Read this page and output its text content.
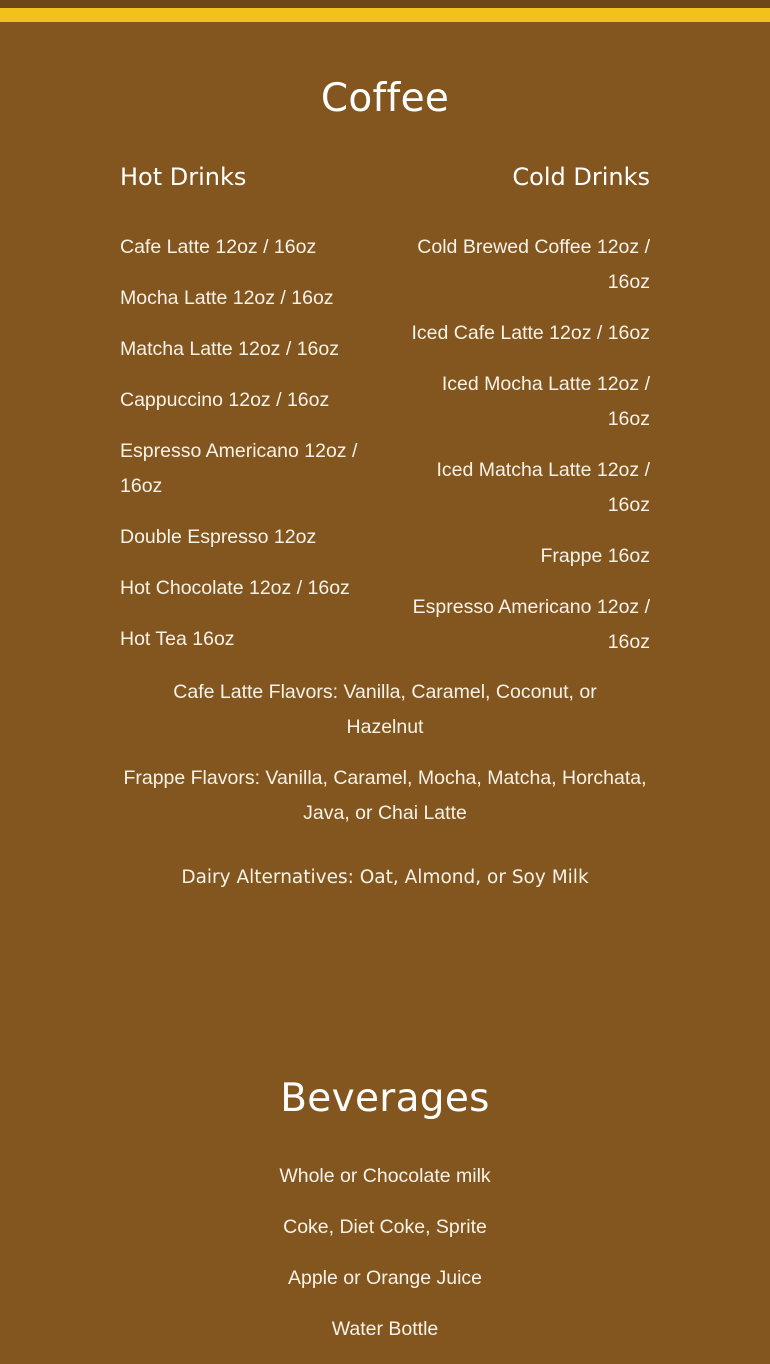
Coffee
Hot Drinks	Cold Drinks
Cafe Latte 12oz / 16oz
Mocha Latte 12oz / 16oz
Matcha Latte 12oz / 16oz
Cappuccino 12oz / 16oz
Espresso Americano 12oz / 16oz
Double Espresso 12oz
Hot Chocolate 12oz / 16oz
Hot Tea 16oz
Cold Brewed Coffee 12oz / 16oz
Iced Cafe Latte 12oz / 16oz
Iced Mocha Latte 12oz / 16oz
Iced Matcha Latte 12oz / 16oz
Frappe 16oz
Espresso Americano 12oz / 16oz

Cafe Latte Flavors: Vanilla, Caramel, Coconut, or Hazelnut

Frappe Flavors: Vanilla, Caramel, Mocha, Matcha, Horchata, Java, or Chai Latte

Dairy Alternatives: Oat, Almond, or Soy Milk

Beverages
Whole or Chocolate milk
Coke, Diet Coke, Sprite
Apple or Orange Juice
Water Bottle
